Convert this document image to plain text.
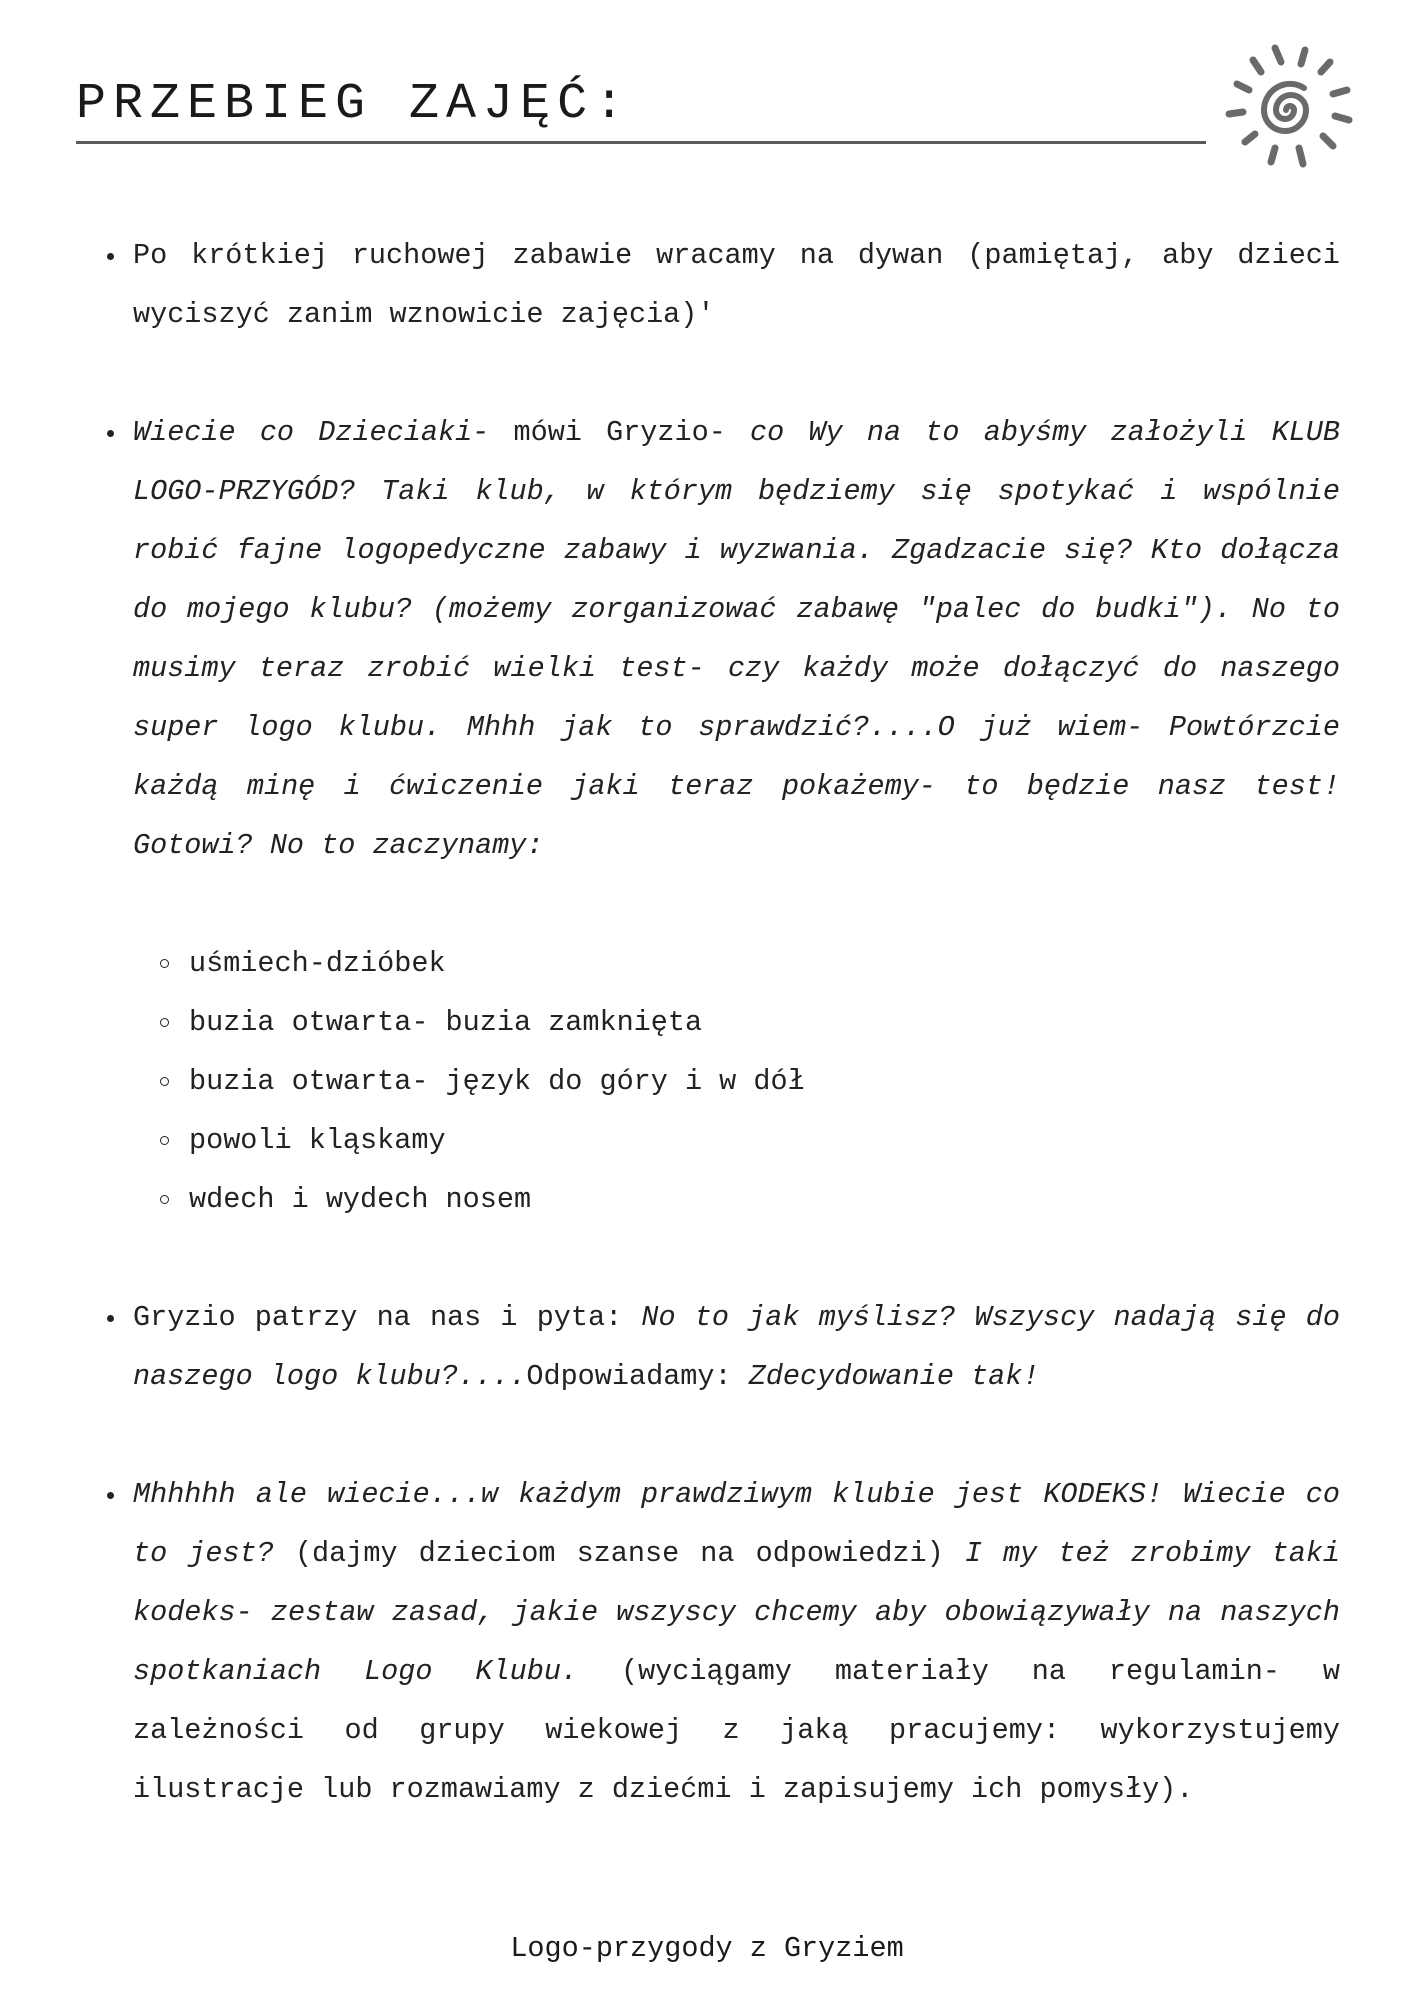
PRZEBIEG ZAJĘĆ:
Po krótkiej ruchowej zabawie wracamy na dywan (pamiętaj, aby dzieci wyciszyć zanim wznowicie zajęcia)'
Wiecie co Dzieciaki- mówi Gryzio- co Wy na to abyśmy założyli KLUB LOGO-PRZYGÓD? Taki klub, w którym będziemy się spotykać i wspólnie robić fajne logopedyczne zabawy i wyzwania. Zgadzacie się? Kto dołącza do mojego klubu? (możemy zorganizować zabawę "palec do budki"). No to musimy teraz zrobić wielki test- czy każdy może dołączyć do naszego super logo klubu. Mhhh jak to sprawdzić?....O już wiem- Powtórzcie każdą minę i ćwiczenie jaki teraz pokażemy- to będzie nasz test! Gotowi? No to zaczynamy:
uśmiech-dzióbek
buzia otwarta- buzia zamknięta
buzia otwarta- język do góry i w dół
powoli kląskamy
wdech i wydech nosem
Gryzio patrzy na nas i pyta: No to jak myślisz? Wszyscy nadają się do naszego logo klubu?....Odpowiadamy: Zdecydowanie tak!
Mhhhhh ale wiecie...w każdym prawdziwym klubie jest KODEKS! Wiecie co to jest? (dajmy dzieciom szanse na odpowiedzi) I my też zrobimy taki kodeks- zestaw zasad, jakie wszyscy chcemy aby obowiązywały na naszych spotkaniach Logo Klubu. (wyciągamy materiały na regulamin- w zależności od grupy wiekowej z jaką pracujemy: wykorzystujemy ilustracje lub rozmawiamy z dziećmi i zapisujemy ich pomysły).
Logo-przygody z Gryziem
